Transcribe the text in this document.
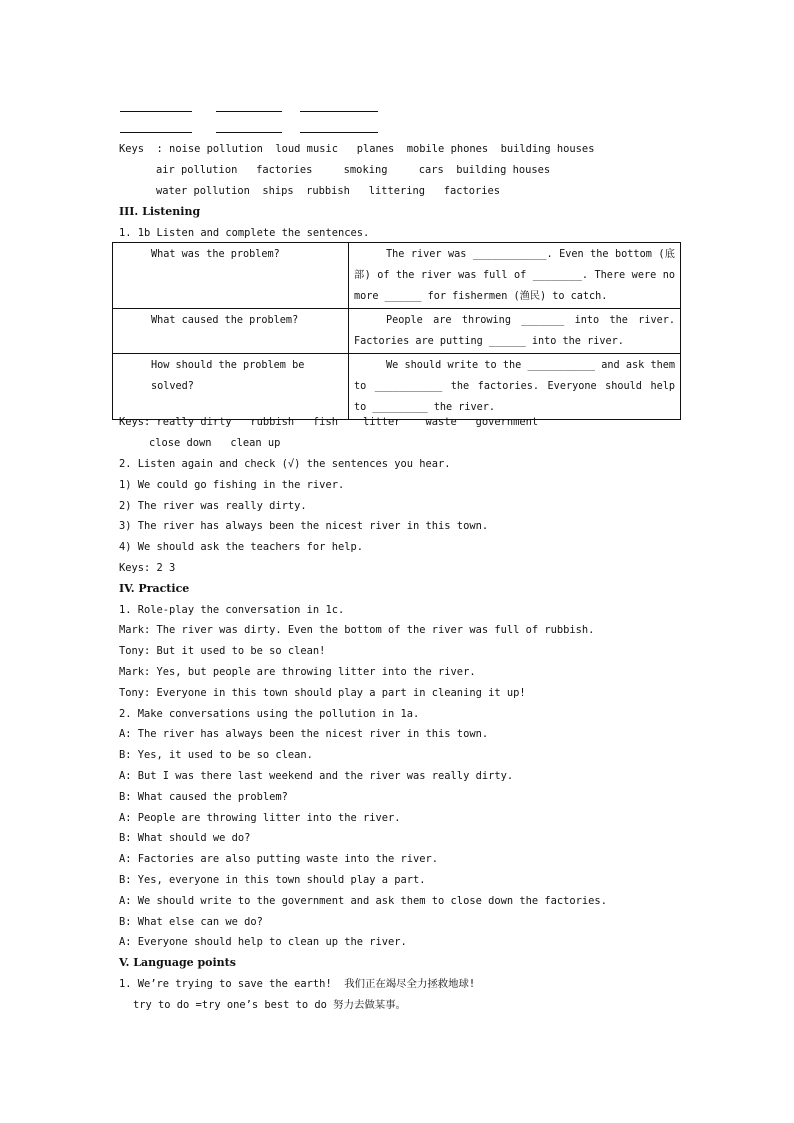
Keys : noise pollution  loud music   planes  mobile phones  building houses
air pollution   factories     smoking     cars  building houses
water pollution  ships  rubbish   littering   factories
III. Listening
1. 1b Listen and complete the sentences.
What was the problem?	The river was ____________. Even the bottom (底部) of the river was full of ________. There were no more ______ for fishermen (渔民) to catch.
What caused the problem?	People are throwing _______ into the river. Factories are putting ______ into the river.
How should the problem be solved?	We should write to the ___________ and ask them to ___________ the factories. Everyone should help to _________ the river.
Keys: really dirty   rubbish   fish    litter    waste   government
close down   clean up
2. Listen again and check (√) the sentences you hear.
1) We could go fishing in the river.
2) The river was really dirty.
3) The river has always been the nicest river in this town.
4) We should ask the teachers for help.
Keys: 2 3
IV. Practice
1. Role-play the conversation in 1c.
Mark: The river was dirty. Even the bottom of the river was full of rubbish.
Tony: But it used to be so clean!
Mark: Yes, but people are throwing litter into the river.
Tony: Everyone in this town should play a part in cleaning it up!
2. Make conversations using the pollution in 1a.
A: The river has always been the nicest river in this town.
B: Yes, it used to be so clean.
A: But I was there last weekend and the river was really dirty.
B: What caused the problem?
A: People are throwing litter into the river.
B: What should we do?
A: Factories are also putting waste into the river.
B: Yes, everyone in this town should play a part.
A: We should write to the government and ask them to close down the factories.
B: What else can we do?
A: Everyone should help to clean up the river.
V. Language points
1. We’re trying to save the earth!  我们正在竭尽全力拯救地球!
try to do =try one’s best to do 努力去做某事。
